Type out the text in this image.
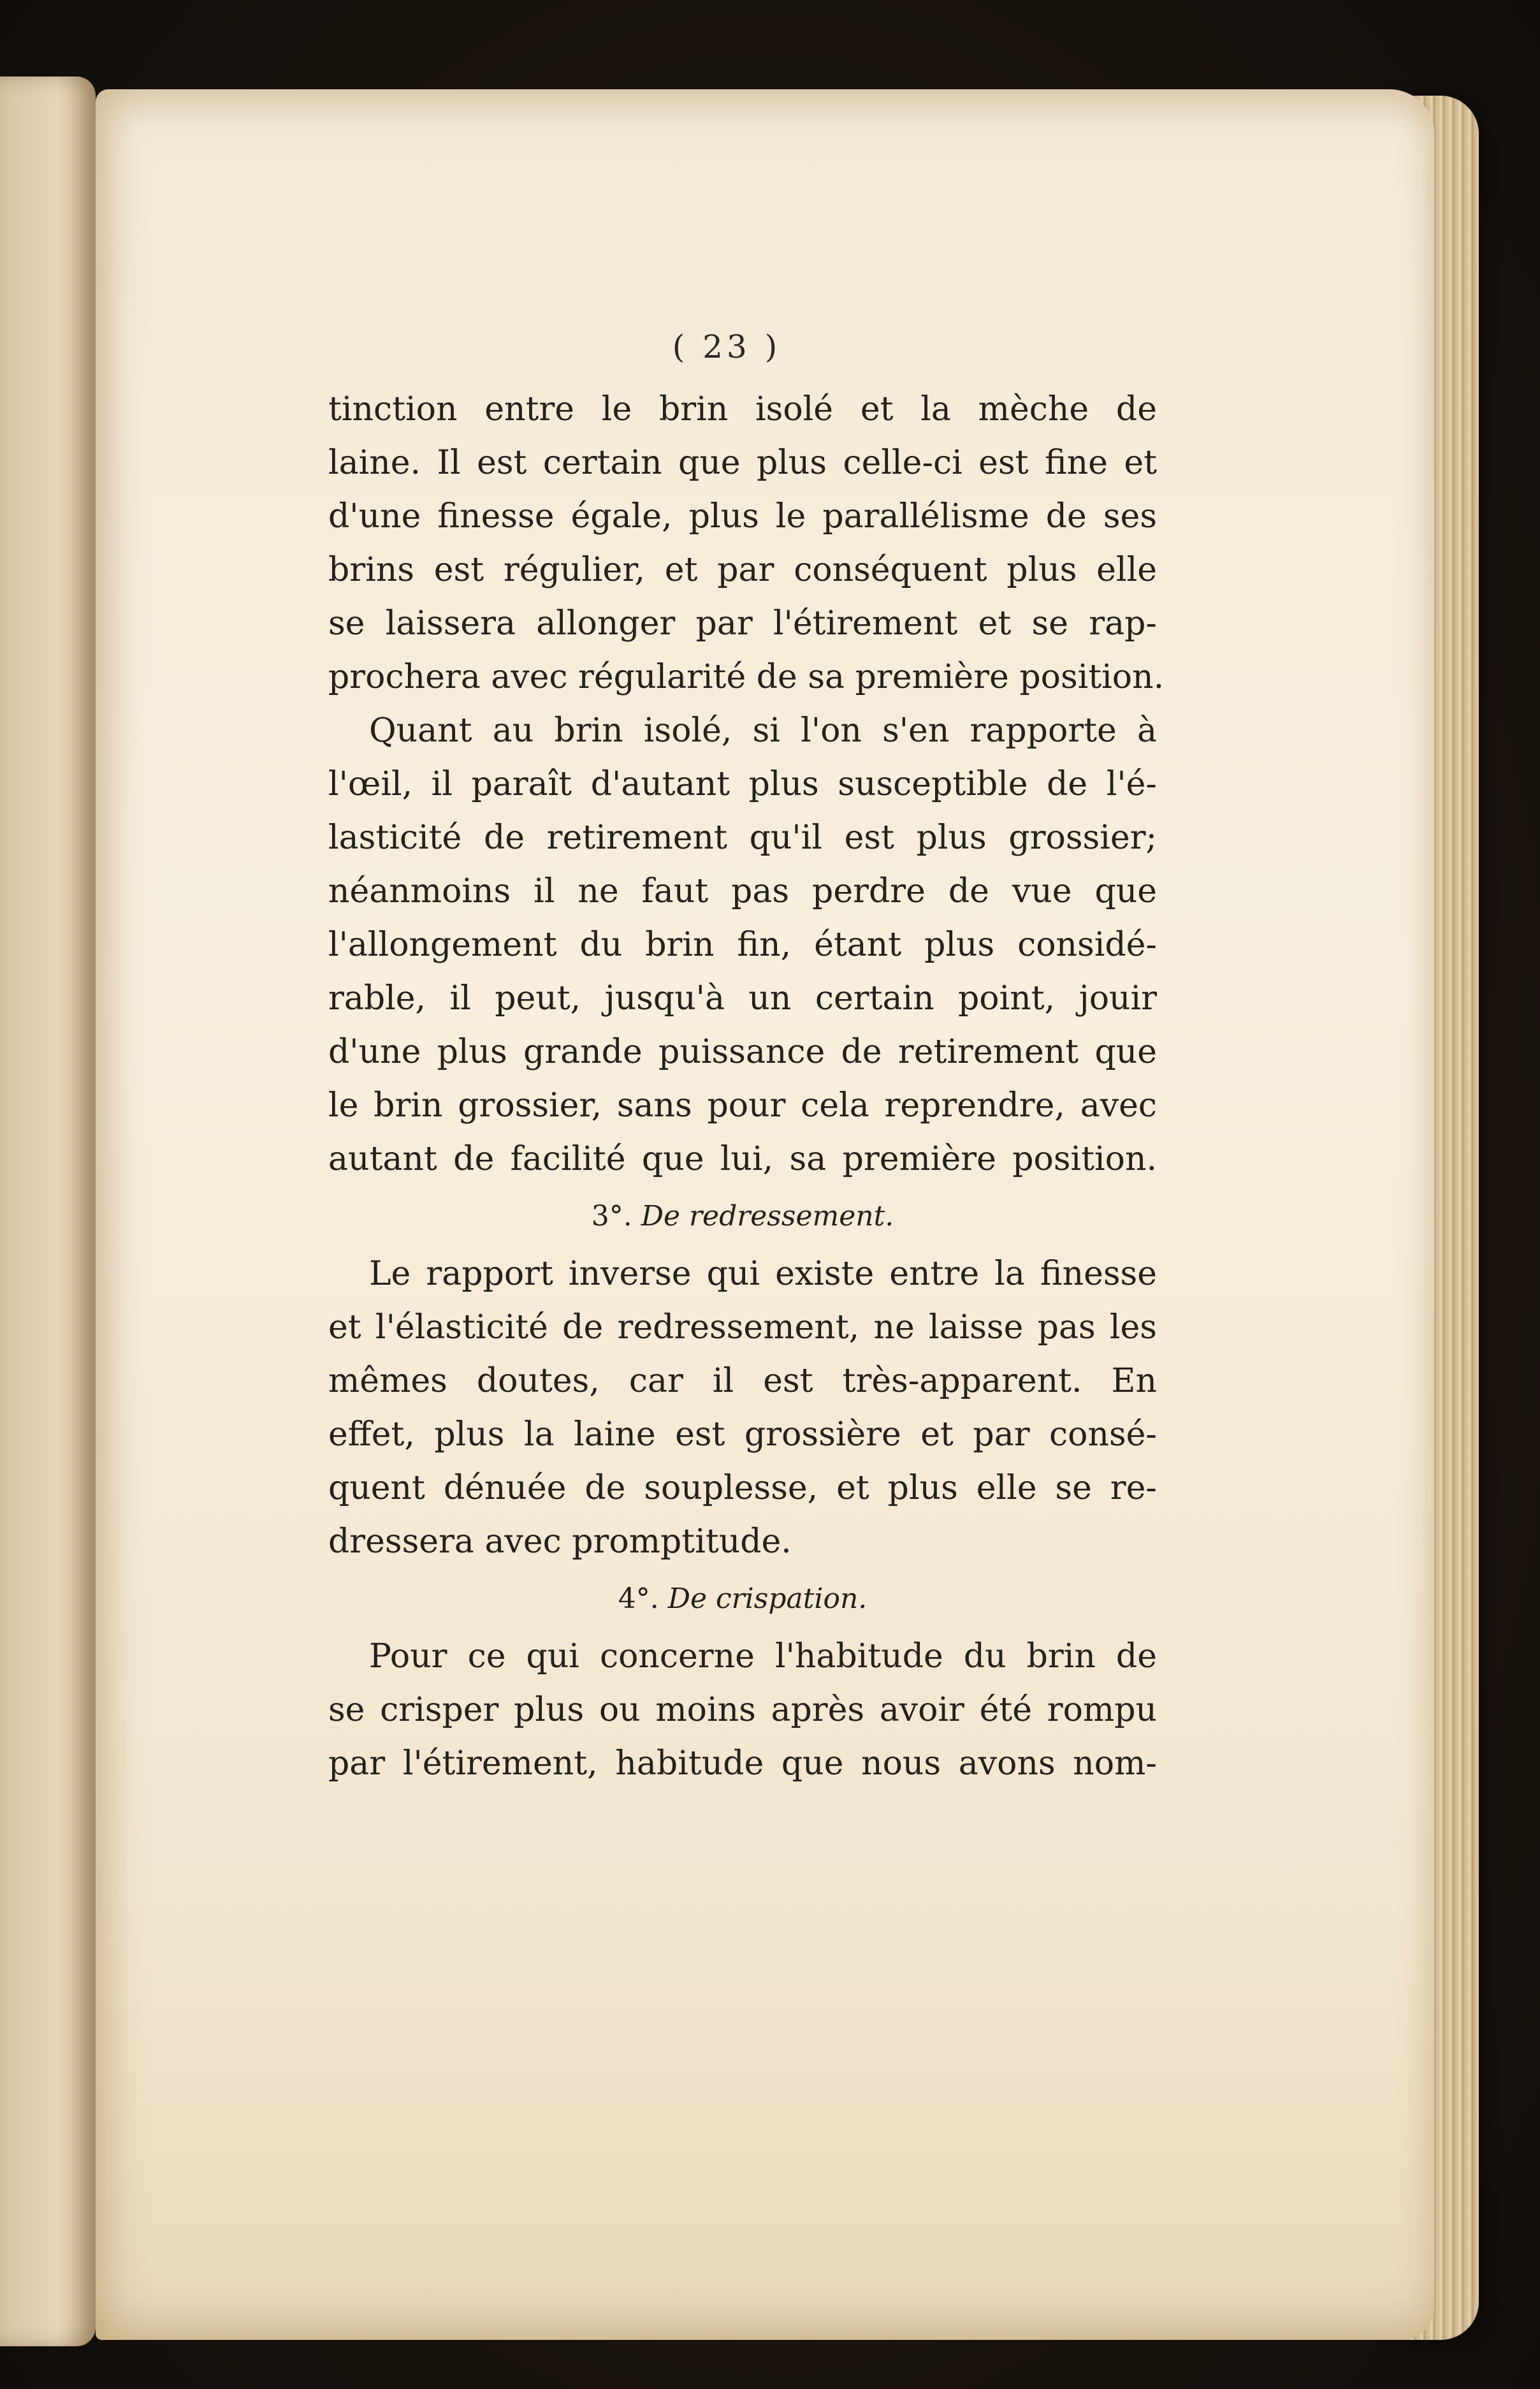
( 23 )
tinction entre le brin isolé et la mèche de
laine. Il est certain que plus celle-ci est fine et
d'une finesse égale, plus le parallélisme de ses
brins est régulier, et par conséquent plus elle
se laissera allonger par l'étirement et se rap-
prochera avec régularité de sa première position.
Quant au brin isolé, si l'on s'en rapporte à
l'œil, il paraît d'autant plus susceptible de l'é-
lasticité de retirement qu'il est plus grossier;
néanmoins il ne faut pas perdre de vue que
l'allongement du brin fin, étant plus considé-
rable, il peut, jusqu'à un certain point, jouir
d'une plus grande puissance de retirement que
le brin grossier, sans pour cela reprendre, avec
autant de facilité que lui, sa première position.
3°. De redressement.
Le rapport inverse qui existe entre la finesse
et l'élasticité de redressement, ne laisse pas les
mêmes doutes, car il est très-apparent. En
effet, plus la laine est grossière et par consé-
quent dénuée de souplesse, et plus elle se re-
dressera avec promptitude.
4°. De crispation.
Pour ce qui concerne l'habitude du brin de
se crisper plus ou moins après avoir été rompu
par l'étirement, habitude que nous avons nom-
